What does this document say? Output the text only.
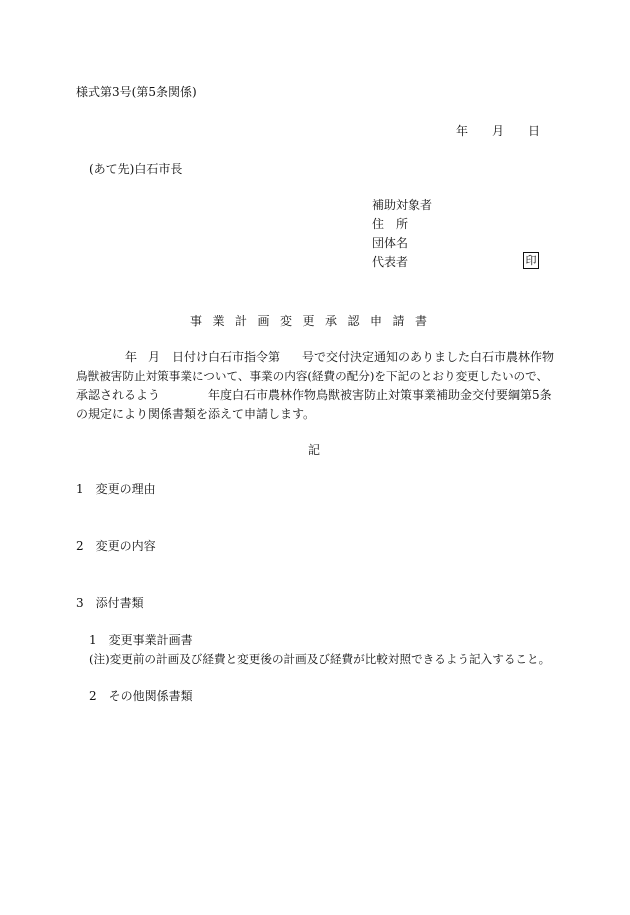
様式第3号(第5条関係)
年 月 日
(あて先)白石市長
補助対象者
住　所
団体名
代表者	印
事業計画変更承認申請書
年 月 日付け白石市指令第 号で交付決定通知のありました白石市農林作物
鳥獣被害防止対策事業について、事業の内容(経費の配分)を下記のとおり変更したいので、
承認されるよう	年度白石市農林作物鳥獣被害防止対策事業補助金交付要綱第5条
の規定により関係書類を添えて申請します。
記
1　変更の理由
2　変更の内容
3　添付書類
1　変更事業計画書
(注)変更前の計画及び経費と変更後の計画及び経費が比較対照できるよう記入すること。
2　その他関係書類
